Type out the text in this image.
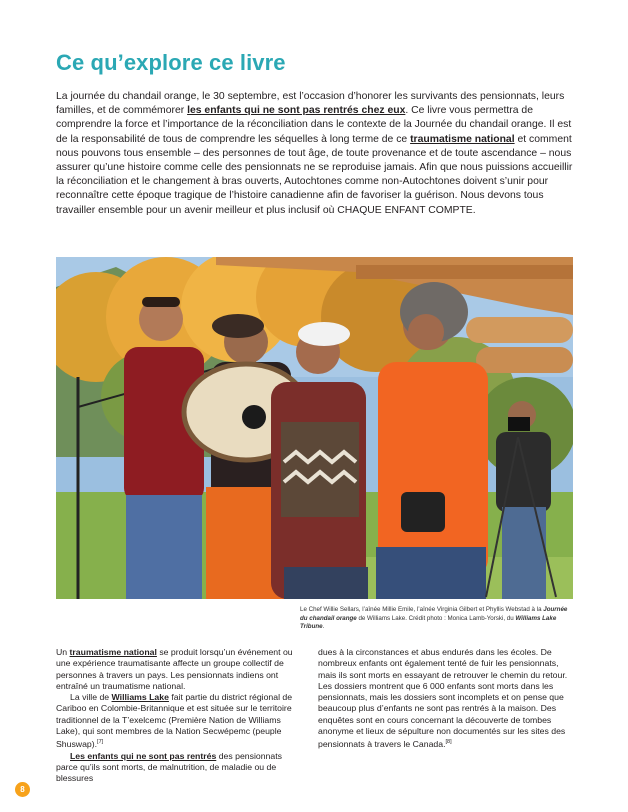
Ce qu’explore ce livre

La journée du chandail orange, le 30 septembre, est l’occasion d’honorer les survivants des pensionnats, leurs familles, et de commémorer les enfants qui ne sont pas rentrés chez eux. Ce livre vous permettra de comprendre la force et l’importance de la réconciliation dans le contexte de la Journée du chandail orange. Il est de la responsabilité de tous de comprendre les séquelles à long terme de ce traumatisme national et comment nous pouvons tous ensemble – des personnes de tout âge, de toute provenance et de toute ascendance – nous assurer qu’une histoire comme celle des pensionnats ne se reproduise jamais. Afin que nous puissions accueillir la réconciliation et le changement à bras ouverts, Autochtones comme non-Autochtones doivent s’unir pour reconnaître cette époque tragique de l’histoire canadienne afin de favoriser la guérison. Nous devons tous travailler ensemble pour un avenir meilleur et plus inclusif où CHAQUE ENFANT COMPTE.

Le Chef Willie Sellars, l’aînée Millie Emile, l’aînée Virginia Gilbert et Phyllis Webstad à la Journée du chandail orange de Williams Lake. Crédit photo : Monica Lamb-Yorski, du Williams Lake Tribune.

Un traumatisme national se produit lorsqu’un événement ou une expérience traumatisante affecte un groupe collectif de personnes à travers un pays. Les pensionnats indiens ont entraîné un traumatisme national.

La ville de Williams Lake fait partie du district régional de Cariboo en Colombie-Britannique et est située sur le territoire traditionnel de la T’exelcemc (Première Nation de Williams Lake), qui sont membres de la Nation Secwépemc (peuple Shuswap).[7]

Les enfants qui ne sont pas rentrés des pensionnats parce qu’ils sont morts, de malnutrition, de maladie ou de blessures

dues à la circonstances et abus endurés dans les écoles. De nombreux enfants ont également tenté de fuir les pensionnats, mais ils sont morts en essayant de retrouver le chemin du retour. Les dossiers montrent que 6 000 enfants sont morts dans les pensionnats, mais les dossiers sont incomplets et on pense que beaucoup plus d’enfants ne sont pas rentrés à la maison. Des enquêtes sont en cours concernant la découverte de tombes anonyme et lieux de sépulture non documentés sur les sites des pensionnats à travers le Canada.[8]

8
